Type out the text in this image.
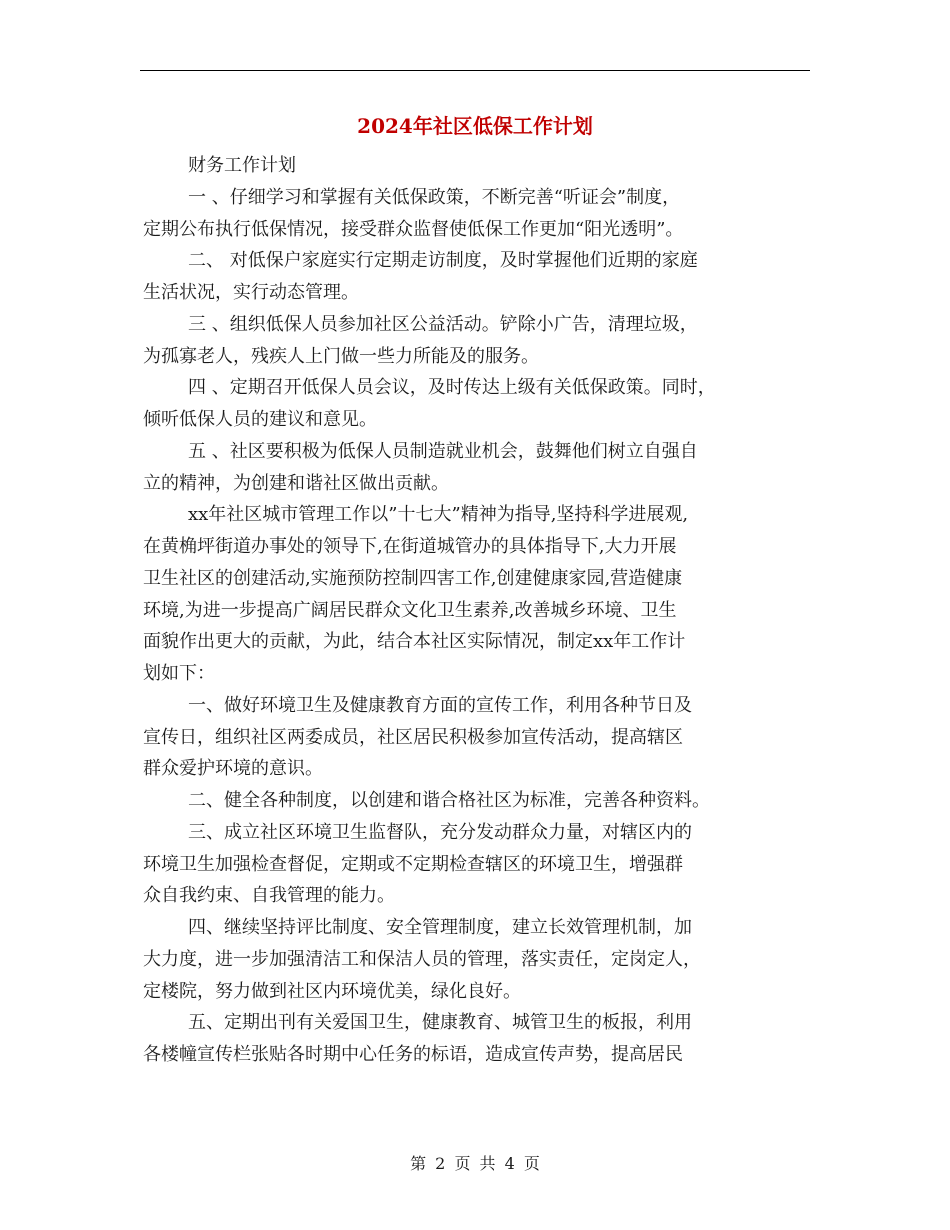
2024年社区低保工作计划
财务工作计划
一 、仔细学习和掌握有关低保政策，不断完善“听证会”制度，
定期公布执行低保情况，接受群众监督使低保工作更加“阳光透明”。
二、 对低保户家庭实行定期走访制度，及时掌握他们近期的家庭
生活状况，实行动态管理。
三 、组织低保人员参加社区公益活动。铲除小广告，清理垃圾，
为孤寡老人，残疾人上门做一些力所能及的服务。
四 、定期召开低保人员会议，及时传达上级有关低保政策。同时，
倾听低保人员的建议和意见。
五 、社区要积极为低保人员制造就业机会，鼓舞他们树立自强自
立的精神，为创建和谐社区做出贡献。
xx年社区城市管理工作以”十七大”精神为指导,坚持科学进展观,
在黄桷坪街道办事处的领导下,在街道城管办的具体指导下,大力开展
卫生社区的创建活动,实施预防控制四害工作,创建健康家园,营造健康
环境,为进一步提高广阔居民群众文化卫生素养,改善城乡环境、卫生
面貌作出更大的贡献，为此，结合本社区实际情况，制定xx年工作计
划如下：
一、做好环境卫生及健康教育方面的宣传工作，利用各种节日及
宣传日，组织社区两委成员，社区居民积极参加宣传活动，提高辖区
群众爱护环境的意识。
二、健全各种制度，以创建和谐合格社区为标准，完善各种资料。
三、成立社区环境卫生监督队，充分发动群众力量，对辖区内的
环境卫生加强检查督促，定期或不定期检查辖区的环境卫生，增强群
众自我约束、自我管理的能力。
四、继续坚持评比制度、安全管理制度，建立长效管理机制，加
大力度，进一步加强清洁工和保洁人员的管理，落实责任，定岗定人，
定楼院，努力做到社区内环境优美，绿化良好。
五、定期出刊有关爱国卫生，健康教育、城管卫生的板报，利用
各楼幢宣传栏张贴各时期中心任务的标语，造成宣传声势，提高居民
第 2 页 共 4 页
